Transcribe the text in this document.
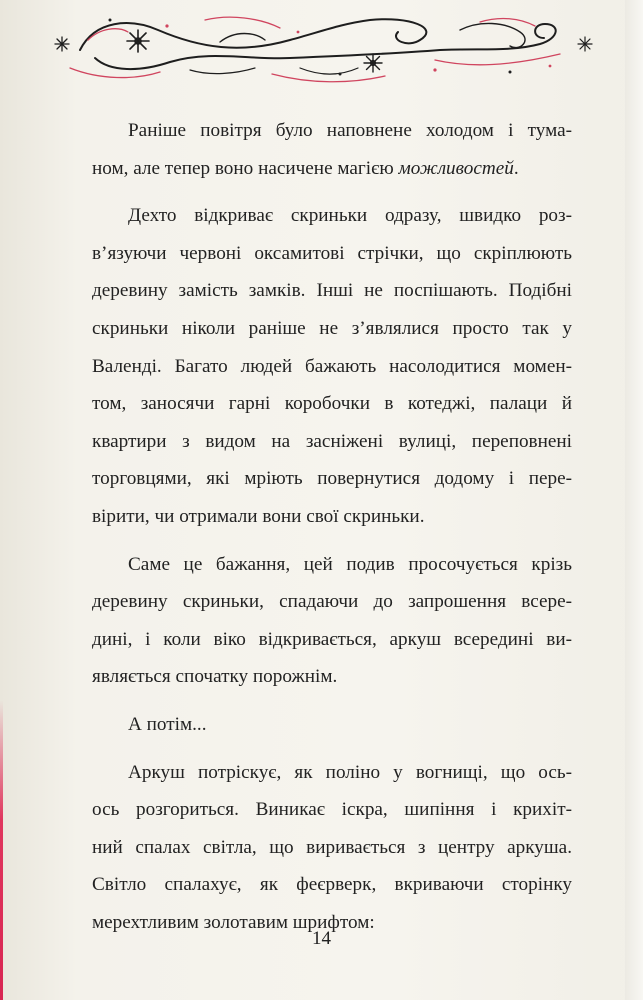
Раніше повітря було наповнене холодом і тума-
ном, але тепер воно насичене магією можливостей.
Дехто відкриває скриньки одразу, швидко роз-
в’язуючи червоні оксамитові стрічки, що скріплюють
деревину замість замків. Інші не поспішають. Подібні
скриньки ніколи раніше не з’являлися просто так у
Валенді. Багато людей бажають насолодитися момен-
том, заносячи гарні коробочки в котеджі, палаци й
квартири з видом на засніжені вулиці, переповнені
торговцями, які мріють повернутися додому і пере-
вірити, чи отримали вони свої скриньки.
Саме це бажання, цей подив просочується крізь
деревину скриньки, спадаючи до запрошення всере-
дині, і коли віко відкривається, аркуш всередині ви-
являється спочатку порожнім.
А потім...
Аркуш потріскує, як поліно у вогнищі, що ось-
ось розгориться. Виникає іскра, шипіння і крихіт-
ний спалах світла, що виривається з центру аркуша.
Світло спалахує, як феєрверк, вкриваючи сторінку
мерехтливим золотавим шрифтом:
14
